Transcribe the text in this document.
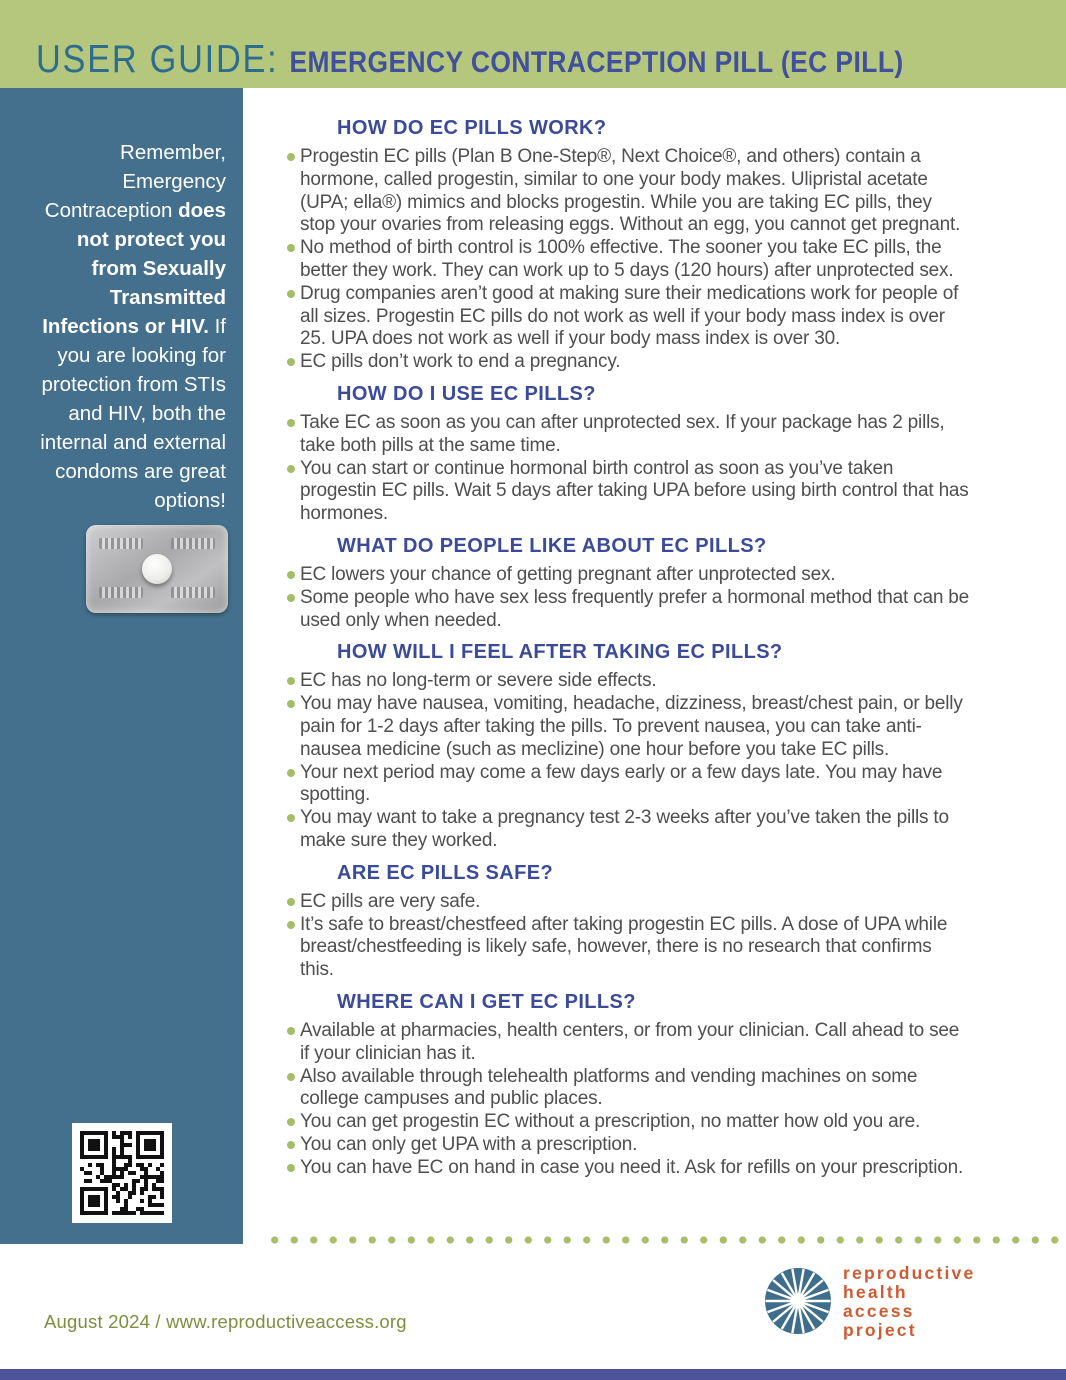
USER GUIDE: EMERGENCY CONTRACEPTION PILL (EC PILL)
Remember, Emergency Contraception does not protect you from Sexually Transmitted Infections or HIV. If you are looking for protection from STIs and HIV, both the internal and external condoms are great options!
HOW DO EC PILLS WORK?
Progestin EC pills (Plan B One-Step®, Next Choice®, and others) contain a hormone, called progestin, similar to one your body makes. Ulipristal acetate (UPA; ella®) mimics and blocks progestin. While you are taking EC pills, they stop your ovaries from releasing eggs. Without an egg, you cannot get pregnant.
No method of birth control is 100% effective. The sooner you take EC pills, the better they work. They can work up to 5 days (120 hours) after unprotected sex.
Drug companies aren’t good at making sure their medications work for people of all sizes. Progestin EC pills do not work as well if your body mass index is over 25. UPA does not work as well if your body mass index is over 30.
EC pills don’t work to end a pregnancy.
HOW DO I USE EC PILLS?
Take EC as soon as you can after unprotected sex. If your package has 2 pills, take both pills at the same time.
You can start or continue hormonal birth control as soon as you’ve taken progestin EC pills. Wait 5 days after taking UPA before using birth control that has hormones.
WHAT DO PEOPLE LIKE ABOUT EC PILLS?
EC lowers your chance of getting pregnant after unprotected sex.
Some people who have sex less frequently prefer a hormonal method that can be used only when needed.
HOW WILL I FEEL AFTER TAKING EC PILLS?
EC has no long-term or severe side effects.
You may have nausea, vomiting, headache, dizziness, breast/chest pain, or belly pain for 1-2 days after taking the pills. To prevent nausea, you can take anti-nausea medicine (such as meclizine) one hour before you take EC pills.
Your next period may come a few days early or a few days late. You may have spotting.
You may want to take a pregnancy test 2-3 weeks after you’ve taken the pills to make sure they worked.
ARE EC PILLS SAFE?
EC pills are very safe.
It’s safe to breast/chestfeed after taking progestin EC pills. A dose of UPA while breast/chestfeeding is likely safe, however, there is no research that confirms this.
WHERE CAN I GET EC PILLS?
Available at pharmacies, health centers, or from your clinician. Call ahead to see if your clinician has it.
Also available through telehealth platforms and vending machines on some college campuses and public places.
You can get progestin EC without a prescription, no matter how old you are.
You can only get UPA with a prescription.
You can have EC on hand in case you need it. Ask for refills on your prescription.
reproductive
health
access
project
August 2024 / www.reproductiveaccess.org
